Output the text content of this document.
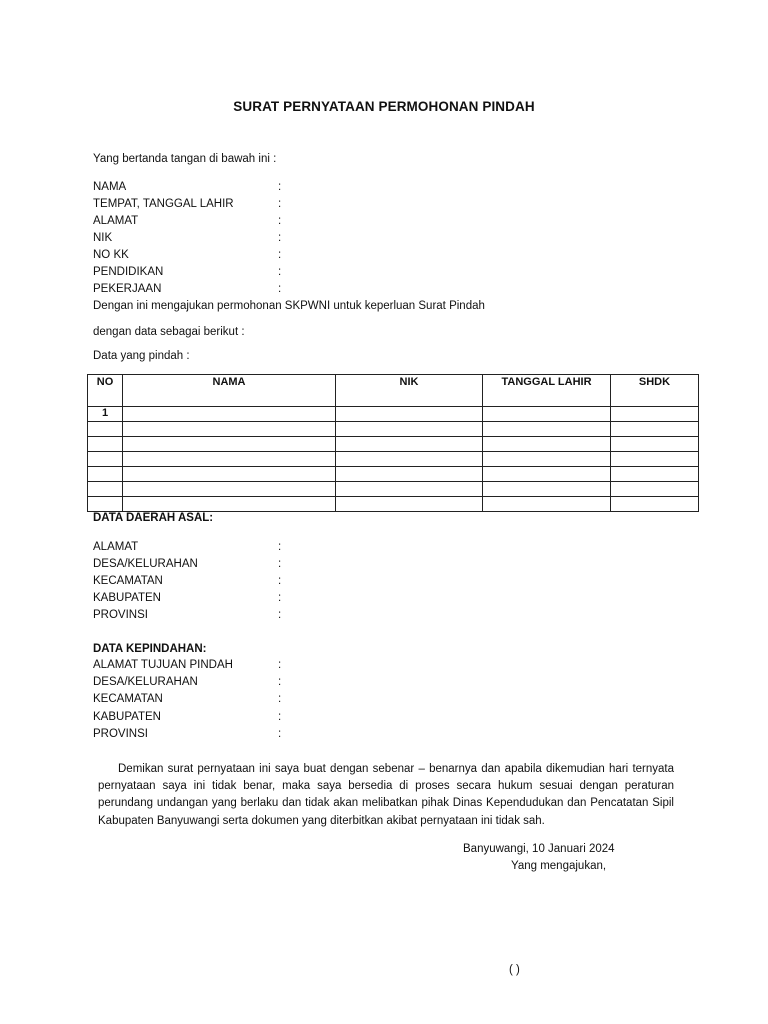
SURAT PERNYATAAN PERMOHONAN PINDAH
Yang bertanda tangan di bawah ini :
NAMA	:
TEMPAT, TANGGAL LAHIR	:
ALAMAT	:
NIK	:
NO KK	:
PENDIDIKAN	:
PEKERJAAN	:
Dengan ini mengajukan permohonan SKPWNI untuk keperluan Surat Pindah
dengan data sebagai berikut :
Data yang pindah :
NO	NAMA	NIK	TANGGAL LAHIR	SHDK
1				

DATA DAERAH ASAL:
ALAMAT	:
DESA/KELURAHAN	:
KECAMATAN	:
KABUPATEN	:
PROVINSI	:
DATA KEPINDAHAN:
ALAMAT TUJUAN PINDAH	:
DESA/KELURAHAN	:
KECAMATAN	:
KABUPATEN	:
PROVINSI	:
Demikan surat pernyataan ini saya buat dengan sebenar – benarnya dan apabila dikemudian hari ternyata pernyataan saya ini tidak benar, maka saya bersedia di proses secara hukum sesuai dengan peraturan perundang undangan yang berlaku dan tidak akan melibatkan pihak Dinas Kependudukan dan Pencatatan Sipil Kabupaten Banyuwangi serta dokumen yang diterbitkan akibat pernyataan ini tidak sah.
Banyuwangi, 10 Januari 2024
Yang mengajukan,
( )
